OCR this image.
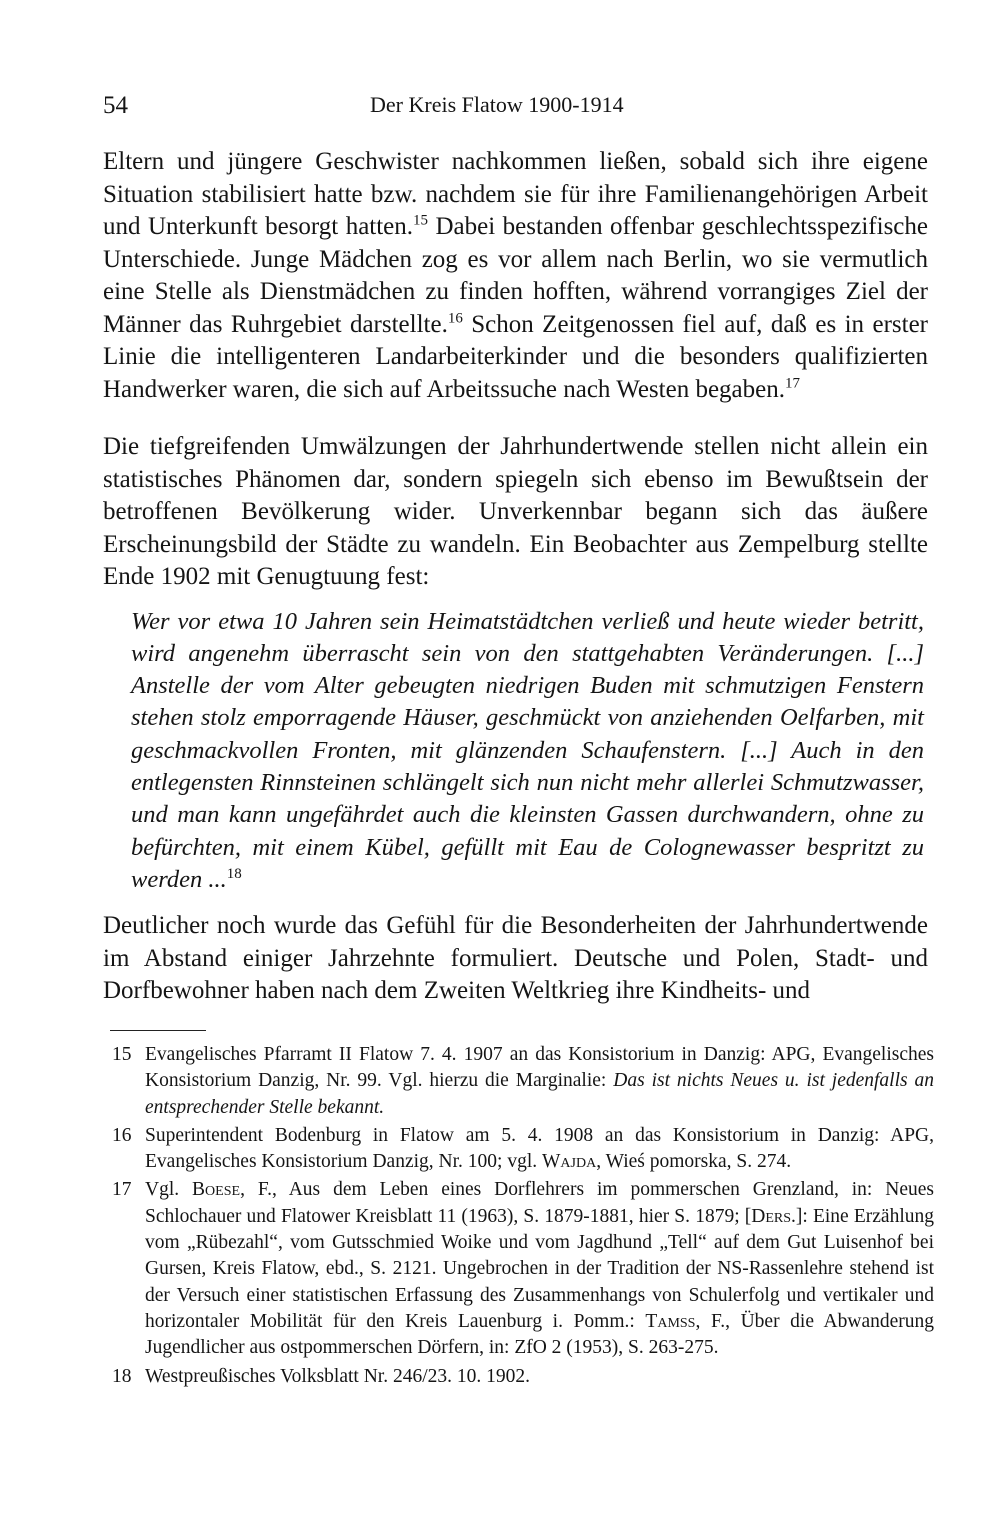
54	Der Kreis Flatow 1900-1914

Eltern und jüngere Geschwister nachkommen ließen, sobald sich ihre eigene Situation stabilisiert hatte bzw. nachdem sie für ihre Familienangehörigen Arbeit und Unterkunft besorgt hatten.$^{15}$ Dabei bestanden offenbar geschlechtsspezifische Unterschiede. Junge Mädchen zog es vor allem nach Berlin, wo sie vermutlich eine Stelle als Dienstmädchen zu finden hofften, während vorrangiges Ziel der Männer das Ruhrgebiet darstellte.$^{16}$ Schon Zeitgenossen fiel auf, daß es in erster Linie die intelligenteren Landarbeiterkinder und die besonders qualifizierten Handwerker waren, die sich auf Arbeitssuche nach Westen begaben.$^{17}$

Die tiefgreifenden Umwälzungen der Jahrhundertwende stellen nicht allein ein statistisches Phänomen dar, sondern spiegeln sich ebenso im Bewußtsein der betroffenen Bevölkerung wider. Unverkennbar begann sich das äußere Erscheinungsbild der Städte zu wandeln. Ein Beobachter aus Zempelburg stellte Ende 1902 mit Genugtuung fest:

Wer vor etwa 10 Jahren sein Heimatstädtchen verließ und heute wieder betritt, wird angenehm überrascht sein von den stattgehabten Veränderungen. [...] Anstelle der vom Alter gebeugten niedrigen Buden mit schmutzigen Fenstern stehen stolz emporragende Häuser, geschmückt von anziehenden Oelfarben, mit geschmackvollen Fronten, mit glänzenden Schaufenstern. [...] Auch in den entlegensten Rinnsteinen schlängelt sich nun nicht mehr allerlei Schmutzwasser, und man kann ungefährdet auch die kleinsten Gassen durchwandern, ohne zu befürchten, mit einem Kübel, gefüllt mit Eau de Colognewasser bespritzt zu werden ...$^{18}$

Deutlicher noch wurde das Gefühl für die Besonderheiten der Jahrhundertwende im Abstand einiger Jahrzehnte formuliert. Deutsche und Polen, Stadt- und Dorfbewohner haben nach dem Zweiten Weltkrieg ihre Kindheits- und

15 Evangelisches Pfarramt II Flatow 7. 4. 1907 an das Konsistorium in Danzig: APG, Evangelisches Konsistorium Danzig, Nr. 99. Vgl. hierzu die Marginalie: Das ist nichts Neues u. ist jedenfalls an entsprechender Stelle bekannt.

16 Superintendent Bodenburg in Flatow am 5. 4. 1908 an das Konsistorium in Danzig: APG, Evangelisches Konsistorium Danzig, Nr. 100; vgl. Wajda, Wieś pomorska, S. 274.

17 Vgl. Boese, F., Aus dem Leben eines Dorflehrers im pommerschen Grenzland, in: Neues Schlochauer und Flatower Kreisblatt 11 (1963), S. 1879-1881, hier S. 1879; [Ders.]: Eine Erzählung vom „Rübezahl“, vom Gutsschmied Woike und vom Jagdhund „Tell“ auf dem Gut Luisenhof bei Gursen, Kreis Flatow, ebd., S. 2121. Ungebrochen in der Tradition der NS-Rassenlehre stehend ist der Versuch einer statistischen Erfassung des Zusammenhangs von Schulerfolg und vertikaler und horizontaler Mobilität für den Kreis Lauenburg i. Pomm.: Tamss, F., Über die Abwanderung Jugendlicher aus ostpommerschen Dörfern, in: ZfO 2 (1953), S. 263-275.

18 Westpreußisches Volksblatt Nr. 246/23. 10. 1902.
